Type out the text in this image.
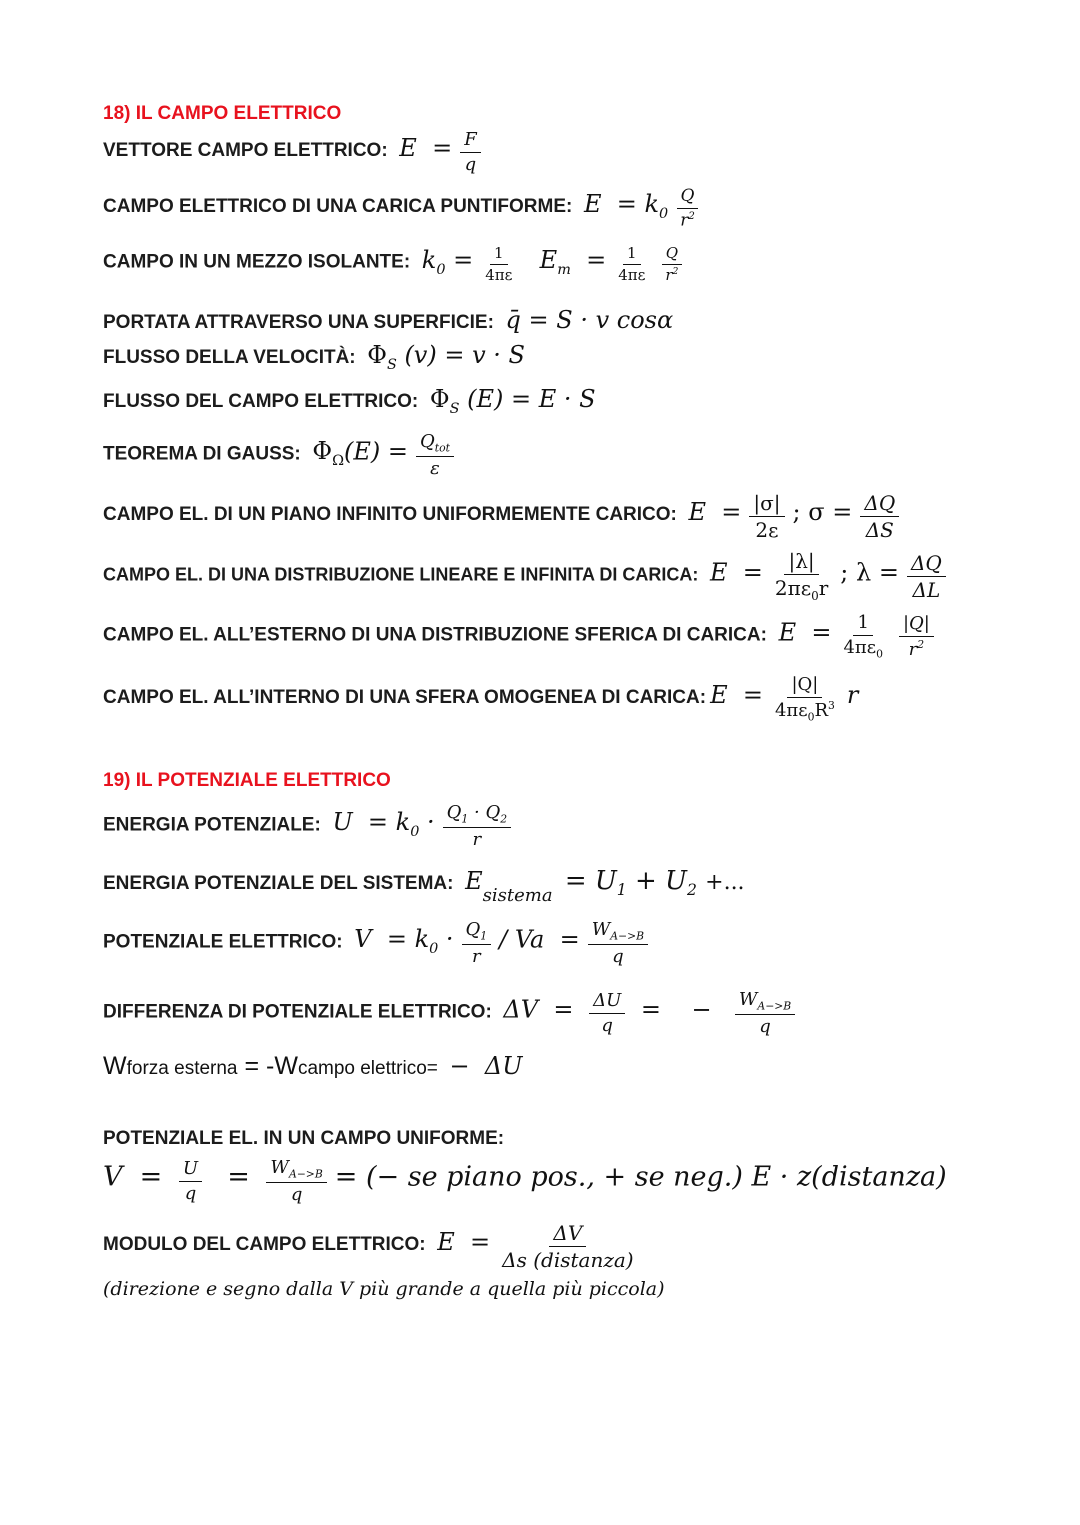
18) IL CAMPO ELETTRICO
VETTORE CAMPO ELETTRICO:  $E = \frac{F}{q}$
CAMPO ELETTRICO DI UNA CARICA PUNTIFORME:  $E = k_0 \frac{Q}{r^2}$
CAMPO IN UN MEZZO ISOLANTE:  $k_0 = \frac{1}{4\pi\varepsilon} E_m = \frac{1}{4\pi\varepsilon}$
$\frac{Q}{r^2}$
PORTATA ATTRAVERSO UNA SUPERFICIE:  q̄ = S · v cosα
FLUSSO DELLA VELOCITÀ:  $\Phi_S$ (v) = v · S
FLUSSO DEL CAMPO ELETTRICO:  $\Phi_S$ (E) = E · S
TEOREMA DI GAUSS:  $\Phi_\Omega(E) = \frac{Q_{tot}}{\varepsilon}$
CAMPO EL. DI UN PIANO INFINITO UNIFORMEMENTE CARICO:  $E = \frac{|\sigma|}{2\varepsilon}$ ; $\sigma = \frac{\Delta Q}{\Delta S}$
CAMPO EL. DI UNA DISTRIBUZIONE LINEARE E INFINITA DI CARICA:  $E = \frac{|\lambda|}{2\pi\varepsilon_0r}$ ; $\lambda = \frac{\Delta Q}{\Delta L}$
CAMPO EL. ALL’ESTERNO DI UNA DISTRIBUZIONE SFERICA DI CARICA:  $E = \frac{1}{4\pi\varepsilon_0}$
$\frac{|Q|}{r^2}$
CAMPO EL. ALL’INTERNO DI UNA SFERA OMOGENEA DI CARICA: $E = \frac{|Q|}{4\pi\varepsilon_0R^3}$ r
19) IL POTENZIALE ELETTRICO
ENERGIA POTENZIALE:  $U = k_0 \cdot \frac{Q_1 \cdot Q_2}{r}$
ENERGIA POTENZIALE DEL SISTEMA:  Esistema  = $U_1 + U_2$ +...
POTENZIALE ELETTRICO:  $V = k_0 \cdot \frac{Q_1}{r} / Va = \frac{W_{A->B}}{q}$
DIFFERENZA DI POTENZIALE ELETTRICO:  $\Delta V = \frac{\Delta U}{q}$ =    − $\frac{W_{A->B}}{q}$
Wforza esterna = -Wcampo elettrico=  −  ΔU
POTENZIALE EL. IN UN CAMPO UNIFORME:
$V = \frac{U}{q} = \frac{W_{A->B}}{q}$ = (− se piano pos., + se neg.) E · z(distanza)
MODULO DEL CAMPO ELETTRICO:  $E = \frac{\Delta V}{\text{Δs (distanza)}}$
(direzione e segno dalla V più grande a quella più piccola)
